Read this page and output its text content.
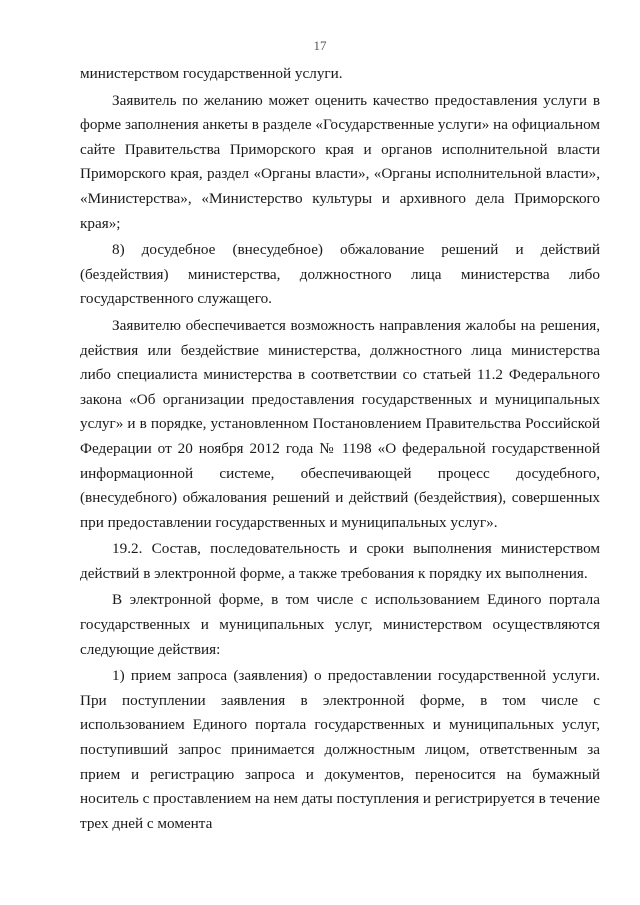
17

министерством государственной услуги.

Заявитель по желанию может оценить качество предоставления услуги в форме заполнения анкеты в разделе «Государственные услуги» на официальном сайте Правительства Приморского края и органов исполнительной власти Приморского края, раздел «Органы власти», «Органы исполнительной власти», «Министерства», «Министерство культуры и архивного дела Приморского края»;

8) досудебное (внесудебное) обжалование решений и действий (бездействия) министерства, должностного лица министерства либо государственного служащего.

Заявителю обеспечивается возможность направления жалобы на решения, действия или бездействие министерства, должностного лица министерства либо специалиста министерства в соответствии со статьей 11.2 Федерального закона «Об организации предоставления государственных и муниципальных услуг» и в порядке, установленном Постановлением Правительства Российской Федерации от 20 ноября 2012 года № 1198 «О федеральной государственной информационной системе, обеспечивающей процесс досудебного, (внесудебного) обжалования решений и действий (бездействия), совершенных при предоставлении государственных и муниципальных услуг».

19.2. Состав, последовательность и сроки выполнения министерством действий в электронной форме, а также требования к порядку их выполнения.

В электронной форме, в том числе с использованием Единого портала государственных и муниципальных услуг, министерством осуществляются следующие действия:

1) прием запроса (заявления) о предоставлении государственной услуги. При поступлении заявления в электронной форме, в том числе с использованием Единого портала государственных и муниципальных услуг, поступивший запрос принимается должностным лицом, ответственным за прием и регистрацию запроса и документов, переносится на бумажный носитель с проставлением на нем даты поступления и регистрируется в течение трех дней с момента
